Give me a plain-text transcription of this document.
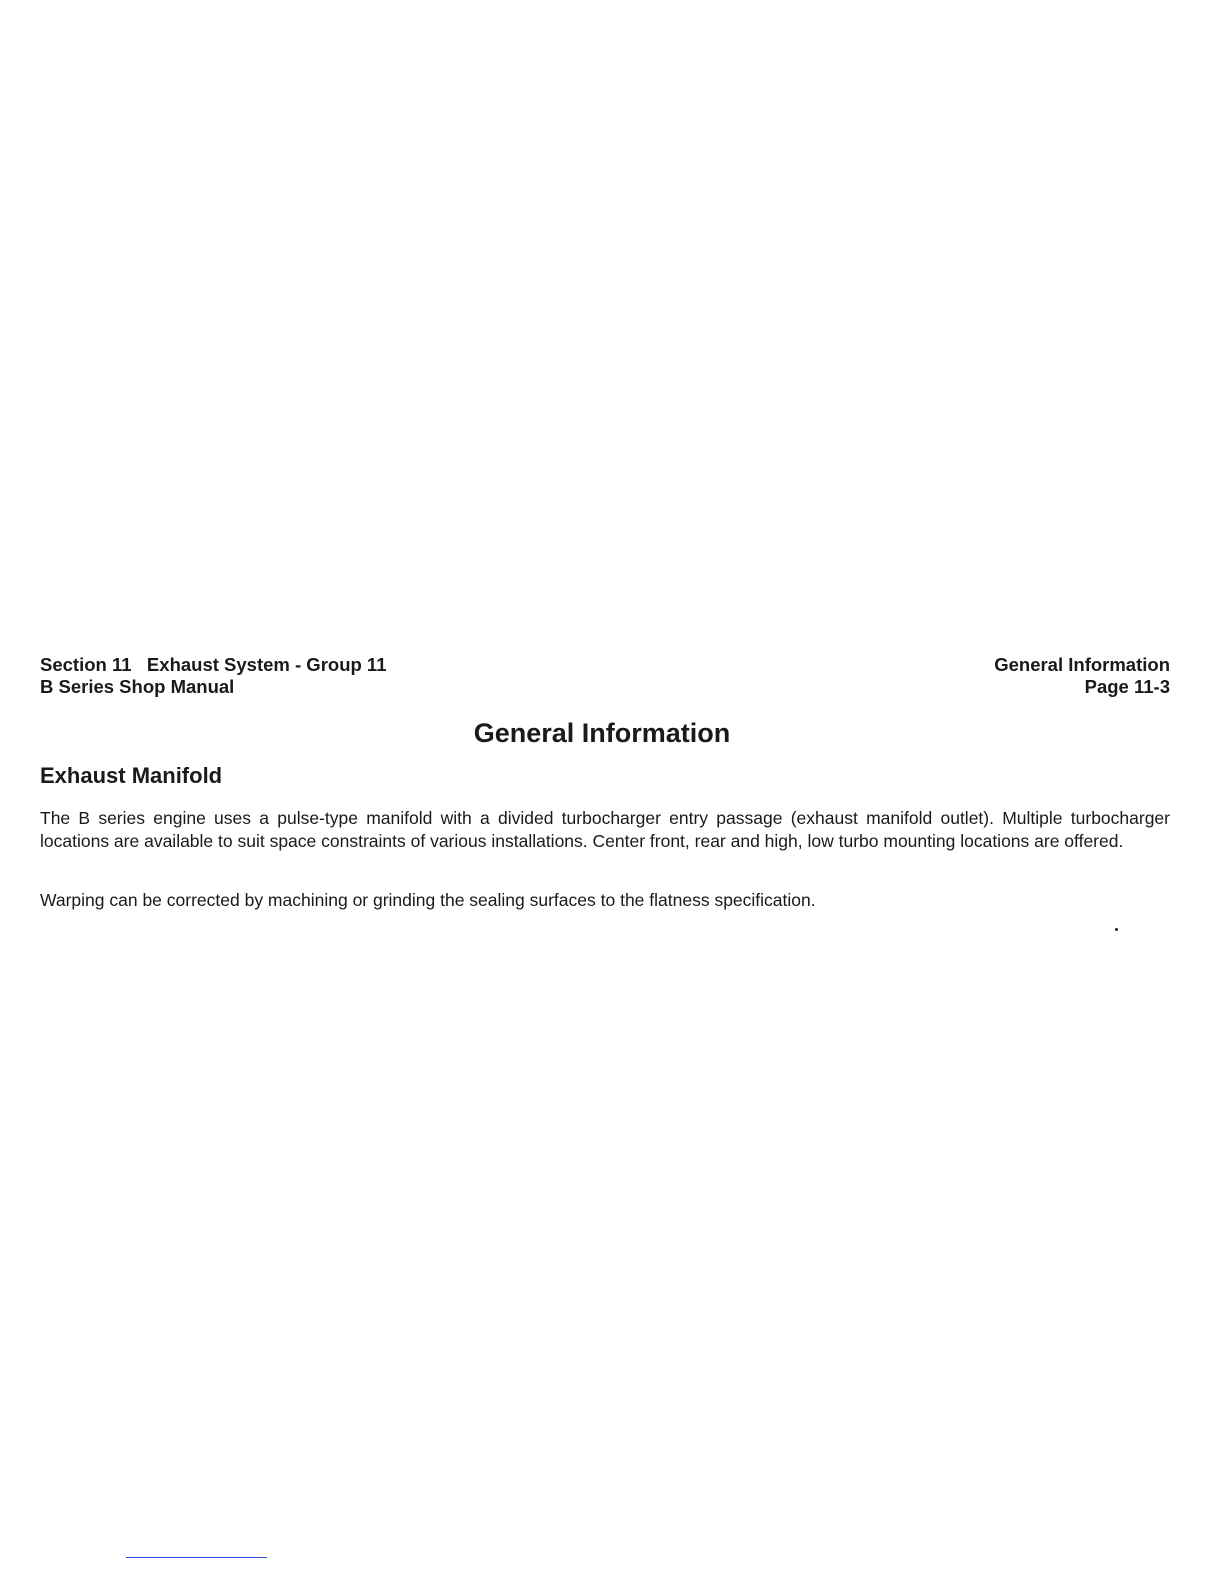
Section 11   Exhaust System - Group 11
B Series Shop Manual
General Information
Page 11-3
General Information
Exhaust Manifold

The B series engine uses a pulse-type manifold with a divided turbocharger entry passage (exhaust manifold outlet). Multiple turbocharger locations are available to suit space constraints of various installations. Center front, rear and high, low turbo mounting locations are offered.

Warping can be corrected by machining or grinding the sealing surfaces to the flatness specification.
